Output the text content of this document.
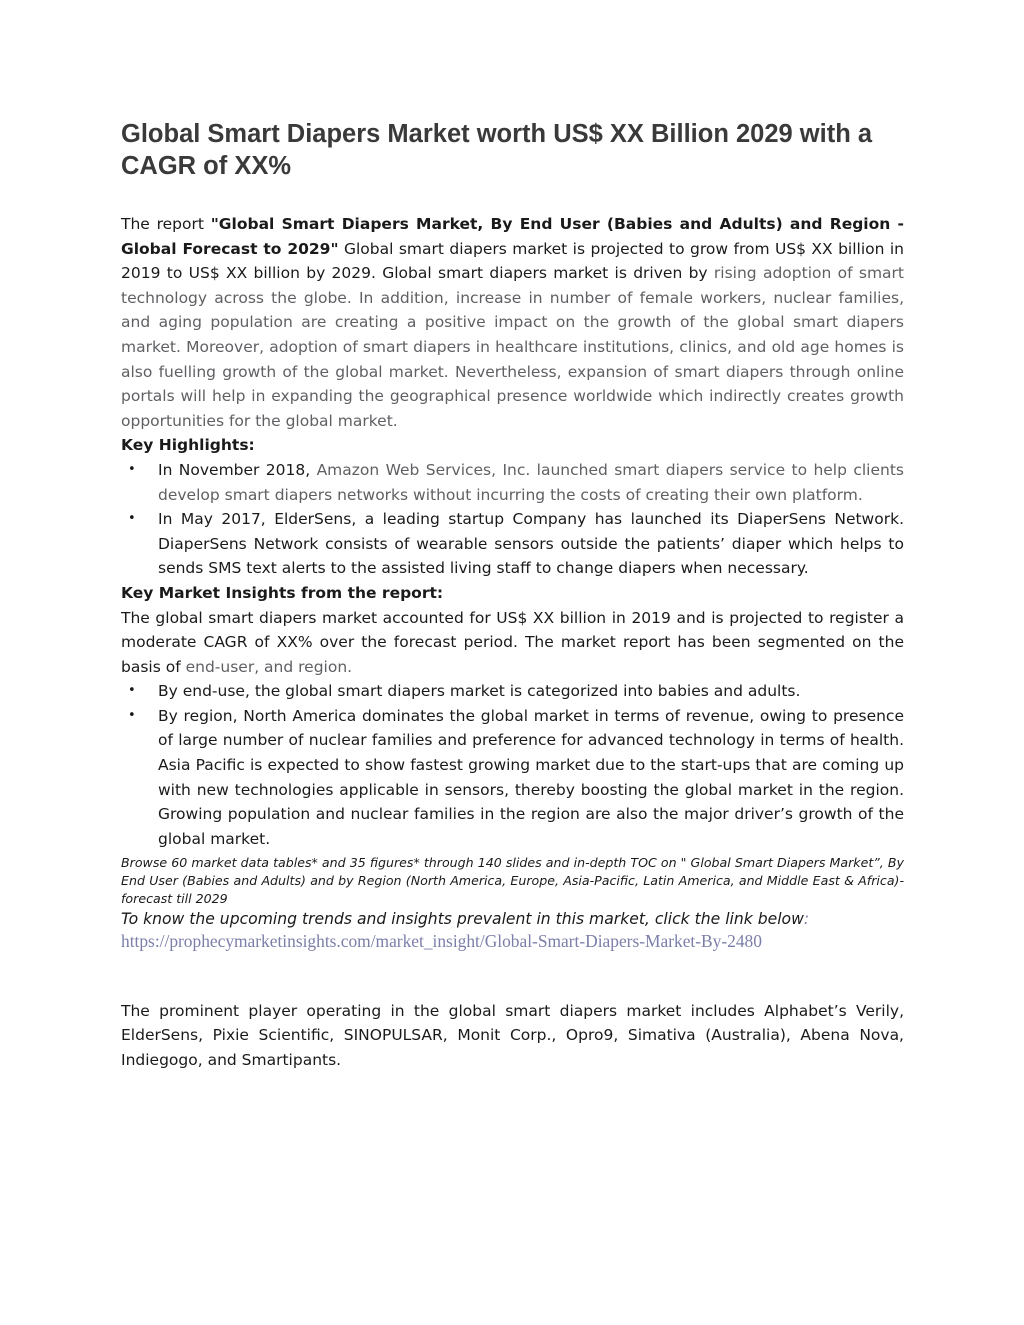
Global Smart Diapers Market worth US$ XX Billion 2029 with a CAGR of XX%

The report "Global Smart Diapers Market, By End User (Babies and Adults) and Region - Global Forecast to 2029" Global smart diapers market is projected to grow from US$ XX billion in 2019 to US$ XX billion by 2029. Global smart diapers market is driven by rising adoption of smart technology across the globe. In addition, increase in number of female workers, nuclear families, and aging population are creating a positive impact on the growth of the global smart diapers market. Moreover, adoption of smart diapers in healthcare institutions, clinics, and old age homes is also fuelling growth of the global market. Nevertheless, expansion of smart diapers through online portals will help in expanding the geographical presence worldwide which indirectly creates growth opportunities for the global market.

Key Highlights:

• In November 2018, Amazon Web Services, Inc. launched smart diapers service to help clients develop smart diapers networks without incurring the costs of creating their own platform.
• In May 2017, ElderSens, a leading startup Company has launched its DiaperSens Network. DiaperSens Network consists of wearable sensors outside the patients’ diaper which helps to sends SMS text alerts to the assisted living staff to change diapers when necessary.

Key Market Insights from the report:

The global smart diapers market accounted for US$ XX billion in 2019 and is projected to register a moderate CAGR of XX% over the forecast period. The market report has been segmented on the basis of end-user, and region.

• By end-use, the global smart diapers market is categorized into babies and adults.
• By region, North America dominates the global market in terms of revenue, owing to presence of large number of nuclear families and preference for advanced technology in terms of health. Asia Pacific is expected to show fastest growing market due to the start-ups that are coming up with new technologies applicable in sensors, thereby boosting the global market in the region. Growing population and nuclear families in the region are also the major driver’s growth of the global market.

Browse 60 market data tables* and 35 figures* through 140 slides and in-depth TOC on " Global Smart Diapers Market”, By End User (Babies and Adults) and by Region (North America, Europe, Asia-Pacific, Latin America, and Middle East & Africa)- forecast till 2029

To know the upcoming trends and insights prevalent in this market, click the link below:

https://prophecymarketinsights.com/market_insight/Global-Smart-Diapers-Market-By-2480

The prominent player operating in the global smart diapers market includes Alphabet’s Verily, ElderSens, Pixie Scientific, SINOPULSAR, Monit Corp., Opro9, Simativa (Australia), Abena Nova, Indiegogo, and Smartipants.
